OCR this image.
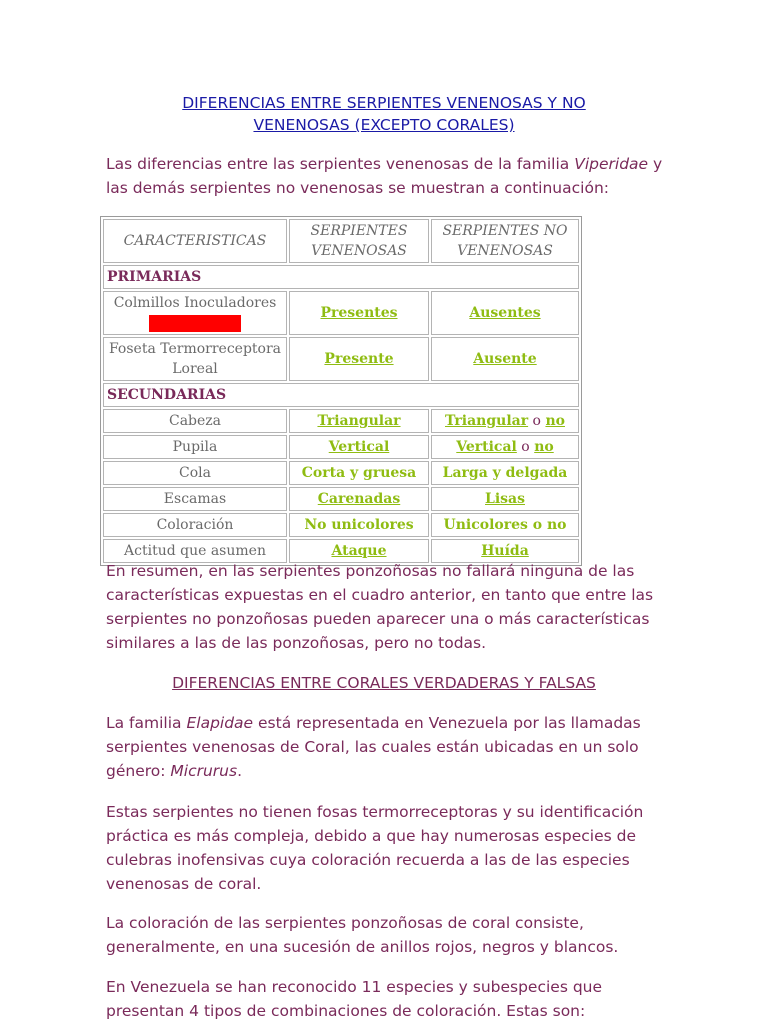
DIFERENCIAS ENTRE SERPIENTES VENENOSAS Y NO
VENENOSAS (EXCEPTO CORALES)

Las diferencias entre las serpientes venenosas de la familia Viperidae y las demás serpientes no venenosas se muestran a continuación:

CARACTERISTICAS	SERPIENTES VENENOSAS	SERPIENTES NO VENENOSAS
PRIMARIAS		
Colmillos Inoculadores	Presentes	Ausentes
Foseta Termorreceptora Loreal	Presente	Ausente
SECUNDARIAS		
Cabeza	Triangular	Triangular o no
Pupila	Vertical	Vertical o no
Cola	Corta y gruesa	Larga y delgada
Escamas	Carenadas	Lisas
Coloración	No unicolores	Unicolores o no
Actitud que asumen	Ataque	Huída

En resumen, en las serpientes ponzoñosas no fallará ninguna de las características expuestas en el cuadro anterior, en tanto que entre las serpientes no ponzoñosas pueden aparecer una o más características similares a las de las ponzoñosas, pero no todas.

DIFERENCIAS ENTRE CORALES VERDADERAS Y FALSAS

La familia Elapidae está representada en Venezuela por las llamadas serpientes venenosas de Coral, las cuales están ubicadas en un solo género: Micrurus.

Estas serpientes no tienen fosas termorreceptoras y su identificación práctica es más compleja, debido a que hay numerosas especies de culebras inofensivas cuya coloración recuerda a las de las especies venenosas de coral.

La coloración de las serpientes ponzoñosas de coral consiste, generalmente, en una sucesión de anillos rojos, negros y blancos.

En Venezuela se han reconocido 11 especies y subespecies que presentan 4 tipos de combinaciones de coloración. Estas son:
